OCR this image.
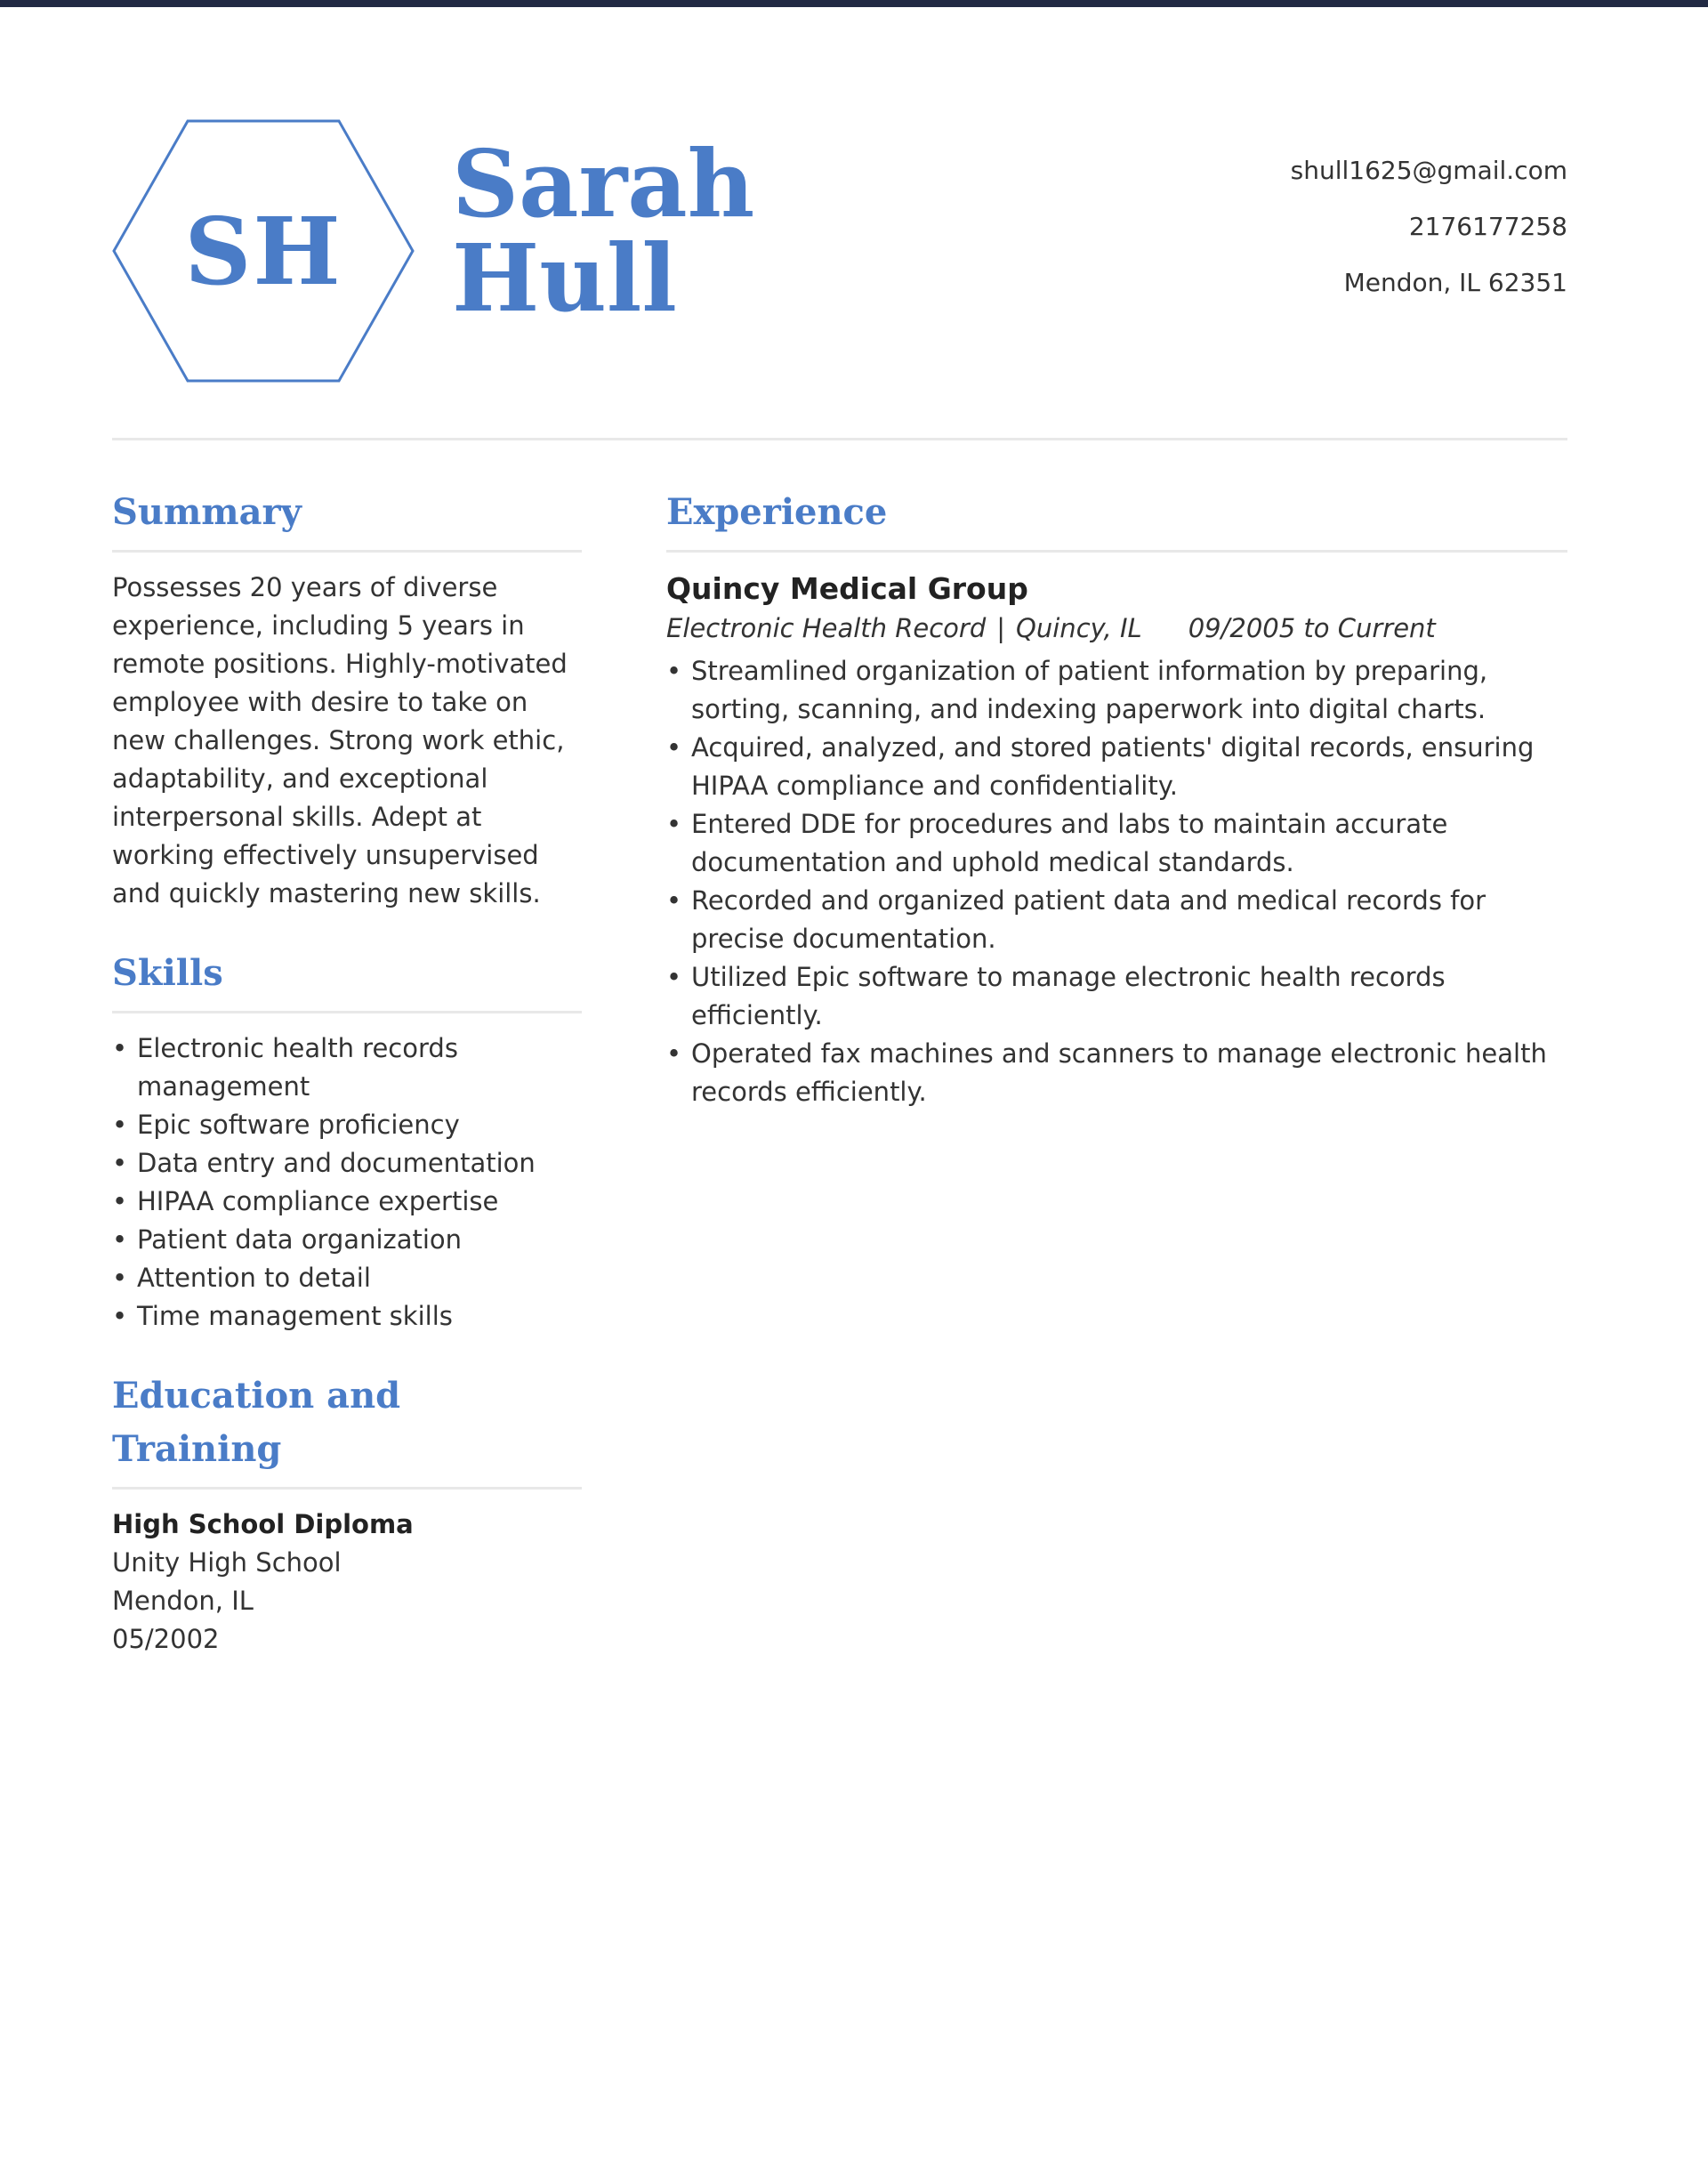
SH
Sarah
Hull
shull1625@gmail.com
2176177258
Mendon, IL 62351
Summary

Possesses 20 years of diverse experience, including 5 years in remote positions. Highly-motivated employee with desire to take on new challenges. Strong work ethic, adaptability, and exceptional interpersonal skills. Adept at working effectively unsupervised and quickly mastering new skills.

Skills
• Electronic health records management
• Epic software proficiency
• Data entry and documentation
• HIPAA compliance expertise
• Patient data organization
• Attention to detail
• Time management skills
Education and Training
High School Diploma
Unity High School
Mendon, IL
05/2002
Experience
Quincy Medical Group
Electronic Health Record | Quincy, IL 09/2005 to Current
• Streamlined organization of patient information by preparing, sorting, scanning, and indexing paperwork into digital charts.
• Acquired, analyzed, and stored patients' digital records, ensuring HIPAA compliance and confidentiality.
• Entered DDE for procedures and labs to maintain accurate documentation and uphold medical standards.
• Recorded and organized patient data and medical records for precise documentation.
• Utilized Epic software to manage electronic health records efficiently.
• Operated fax machines and scanners to manage electronic health records efficiently.
